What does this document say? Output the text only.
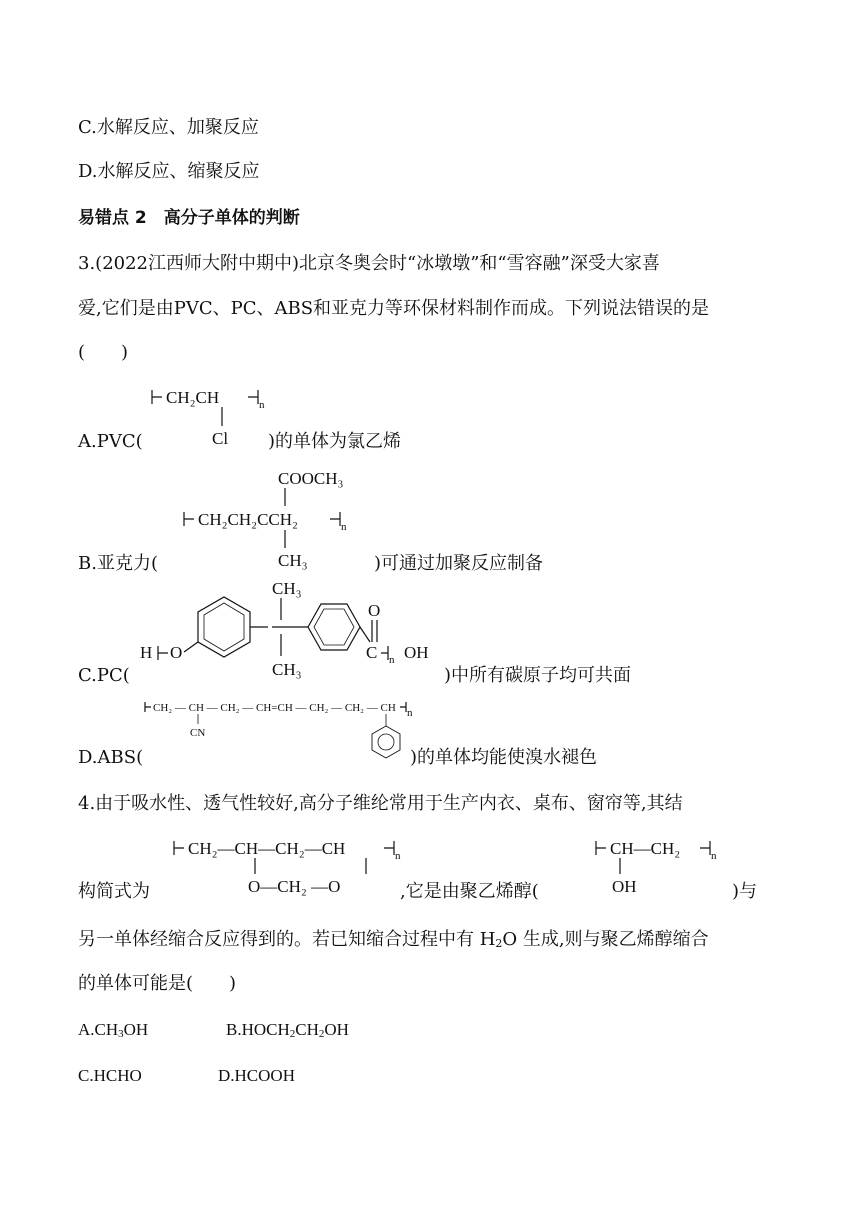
C.水解反应、加聚反应
D.水解反应、缩聚反应
易错点 2　高分子单体的判断
3.(2022江西师大附中期中)北京冬奥会时“冰墩墩”和“雪容融”深受大家喜
爱,它们是由PVC、PC、ABS和亚克力等环保材料制作而成。下列说法错误的是
(　　)
A.PVC(
CH₂CH
Cl
n
)的单体为氯乙烯
B.亚克力(
COOCH₃
CH₂CH₂CCH₂	n
CH₃	)可通过加聚反应制备
C.PC(
H O
CH₃
CH₃
O
C n OH
)中所有碳原子均可共面
D.ABS(
CH₂ — CH — CH₂ — CH=CH — CH₂ — CH₂ — CH n
CN
)的单体均能使溴水褪色
4.由于吸水性、透气性较好,高分子维纶常用于生产内衣、桌布、窗帘等,其结
构简式为
CH₂—CH—CH₂—CH	n
O—CH₂ —O	,它是由聚乙烯醇(
CH—CH₂	n
OH	)与
另一单体经缩合反应得到的。若已知缩合过程中有 $H_2O$ 生成,则与聚乙烯醇缩合
的单体可能是(　　)
$A.CH_3OH$	$B.HOCH_2CH_2OH$
C.HCHO	D.HCOOH
